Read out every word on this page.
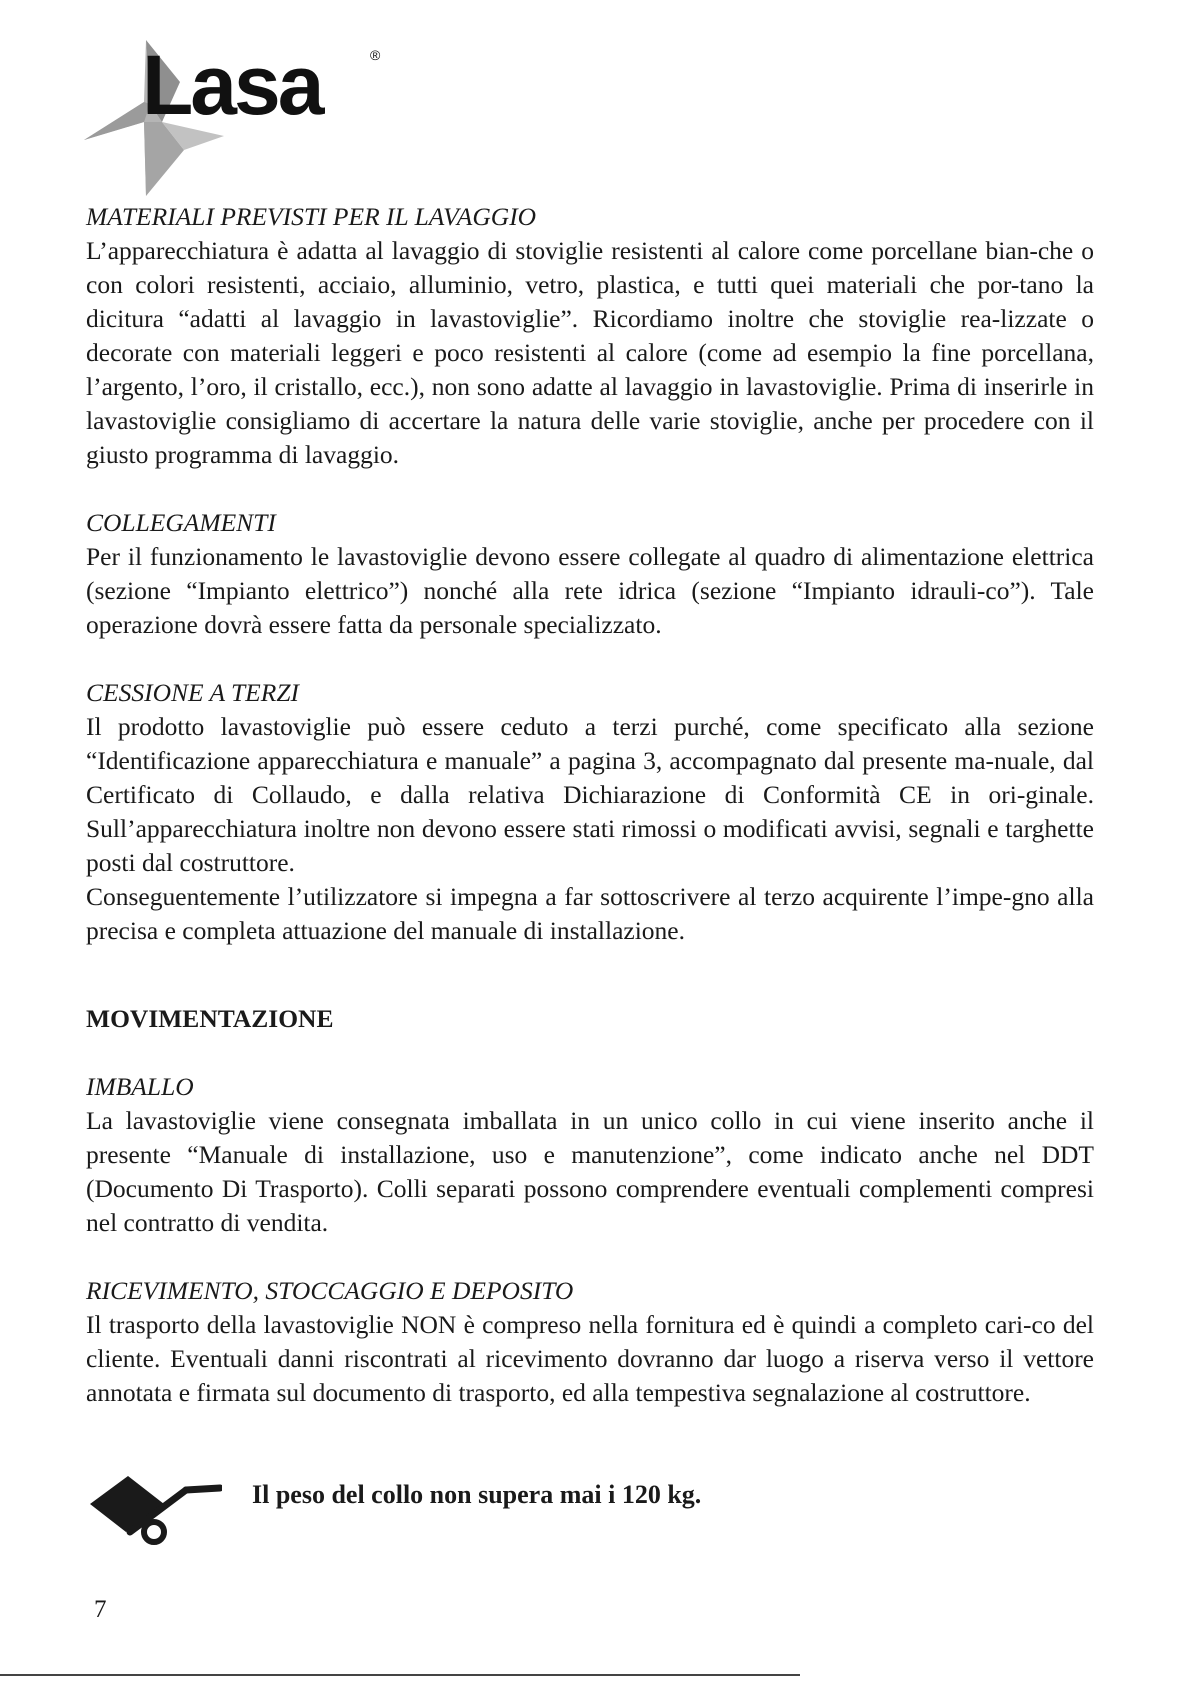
Lasa	®

MATERIALI PREVISTI PER IL LAVAGGIO

L’apparecchiatura è adatta al lavaggio di stoviglie resistenti al calore come porcellane bian-che o con colori resistenti, acciaio, alluminio, vetro, plastica, e tutti quei materiali che por-tano la dicitura “adatti al lavaggio in lavastoviglie”. Ricordiamo inoltre che stoviglie rea-lizzate o decorate con materiali leggeri e poco resistenti al calore (come ad esempio la fine porcellana, l’argento, l’oro, il cristallo, ecc.), non sono adatte al lavaggio in lavastoviglie. Prima di inserirle in lavastoviglie consigliamo di accertare la natura delle varie stoviglie, anche per procedere con il giusto programma di lavaggio.

COLLEGAMENTI

Per il funzionamento le lavastoviglie devono essere collegate al quadro di alimentazione elettrica (sezione “Impianto elettrico”) nonché alla rete idrica (sezione “Impianto idrauli-co”). Tale operazione dovrà essere fatta da personale specializzato.

CESSIONE A TERZI

Il prodotto lavastoviglie può essere ceduto a terzi purché, come specificato alla sezione “Identificazione apparecchiatura e manuale” a pagina 3, accompagnato dal presente ma-nuale, dal Certificato di Collaudo, e dalla relativa Dichiarazione di Conformità CE in ori-ginale. Sull’apparecchiatura inoltre non devono essere stati rimossi o modificati avvisi, segnali e targhette posti dal costruttore.

Conseguentemente l’utilizzatore si impegna a far sottoscrivere al terzo acquirente l’impe-gno alla precisa e completa attuazione del manuale di installazione.

MOVIMENTAZIONE

IMBALLO

La lavastoviglie viene consegnata imballata in un unico collo in cui viene inserito anche il presente “Manuale di installazione, uso e manutenzione”, come indicato anche nel DDT (Documento Di Trasporto). Colli separati possono comprendere eventuali complementi compresi nel contratto di vendita.

RICEVIMENTO, STOCCAGGIO E DEPOSITO

Il trasporto della lavastoviglie NON è compreso nella fornitura ed è quindi a completo cari-co del cliente. Eventuali danni riscontrati al ricevimento dovranno dar luogo a riserva verso il vettore annotata e firmata sul documento di trasporto, ed alla tempestiva segnalazione al costruttore.

Il peso del collo non supera mai i 120 kg.
7
